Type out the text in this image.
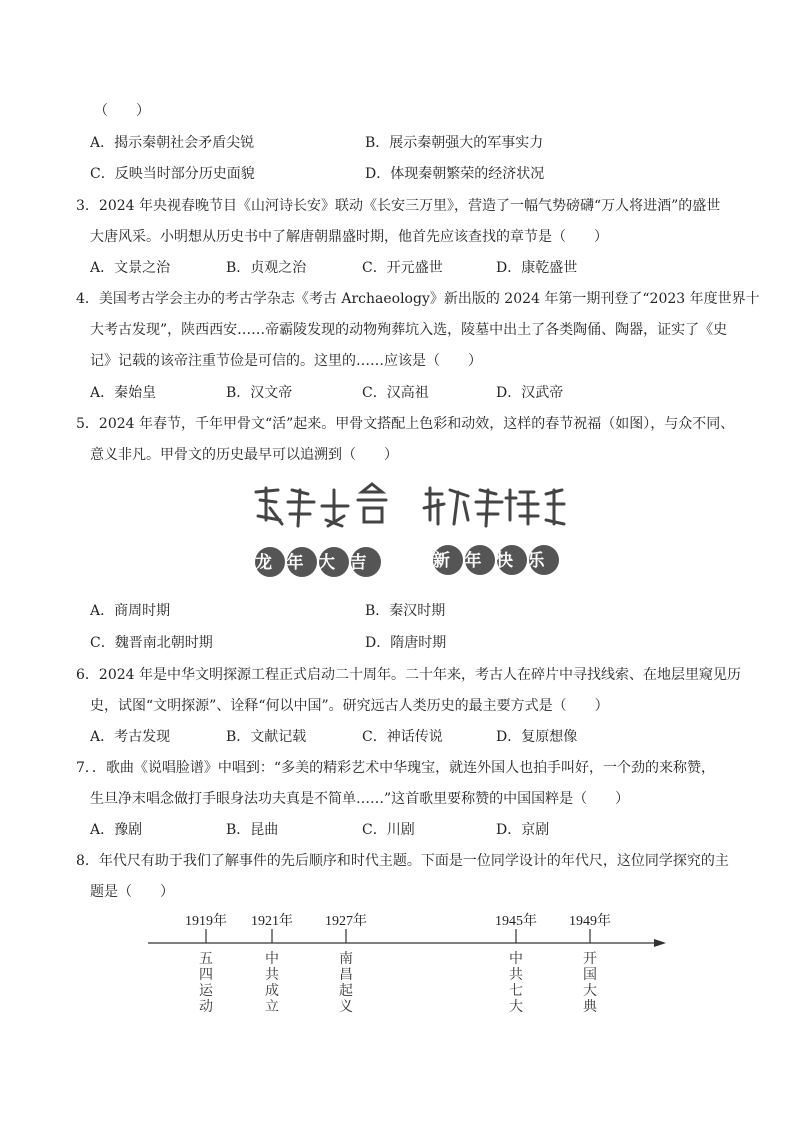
（　　）
A．揭示秦朝社会矛盾尖锐	B．展示秦朝强大的军事实力
C．反映当时部分历史面貌	D．体现秦朝繁荣的经济状况
3．2024 年央视春晚节目《山河诗长安》联动《长安三万里》，营造了一幅气势磅礴“万人将进酒”的盛世
大唐风采。小明想从历史书中了解唐朝鼎盛时期，他首先应该查找的章节是（　　）
A．文景之治	B．贞观之治	C．开元盛世	D．康乾盛世
4．美国考古学会主办的考古学杂志《考古 Archaeology》新出版的 2024 年第一期刊登了“2023 年度世界十
大考古发现”，陕西西安……帝霸陵发现的动物殉葬坑入选，陵墓中出土了各类陶俑、陶器，证实了《史
记》记载的该帝注重节俭是可信的。这里的……应该是（　　）
A．秦始皇	B．汉文帝	C．汉高祖	D．汉武帝
5．2024 年春节，千年甲骨文“活”起来。甲骨文搭配上色彩和动效，这样的春节祝福（如图），与众不同、
意义非凡。甲骨文的历史最早可以追溯到（　　）
龙年大吉	新年快乐
A．商周时期	B．秦汉时期
C．魏晋南北朝时期	D．隋唐时期
6．2024 年是中华文明探源工程正式启动二十周年。二十年来，考古人在碎片中寻找线索、在地层里窥见历
史，试图“文明探源”、诠释“何以中国”。研究远古人类历史的最主要方式是（　　）
A．考古发现	B．文献记载	C．神话传说	D．复原想像
7．．歌曲《说唱脸谱》中唱到：“多美的精彩艺术中华瑰宝，就连外国人也拍手叫好，一个劲的来称赞，
生旦净末唱念做打手眼身法功夫真是不简单……”这首歌里要称赞的中国国粹是（　　）
A．豫剧	B．昆曲	C．川剧	D．京剧
8．年代尺有助于我们了解事件的先后顺序和时代主题。下面是一位同学设计的年代尺，这位同学探究的主
题是（　　）
1919年
五四运动
1921年
中共成立
1927年
南昌起义
1945年
中共七大
1949年
开国大典
